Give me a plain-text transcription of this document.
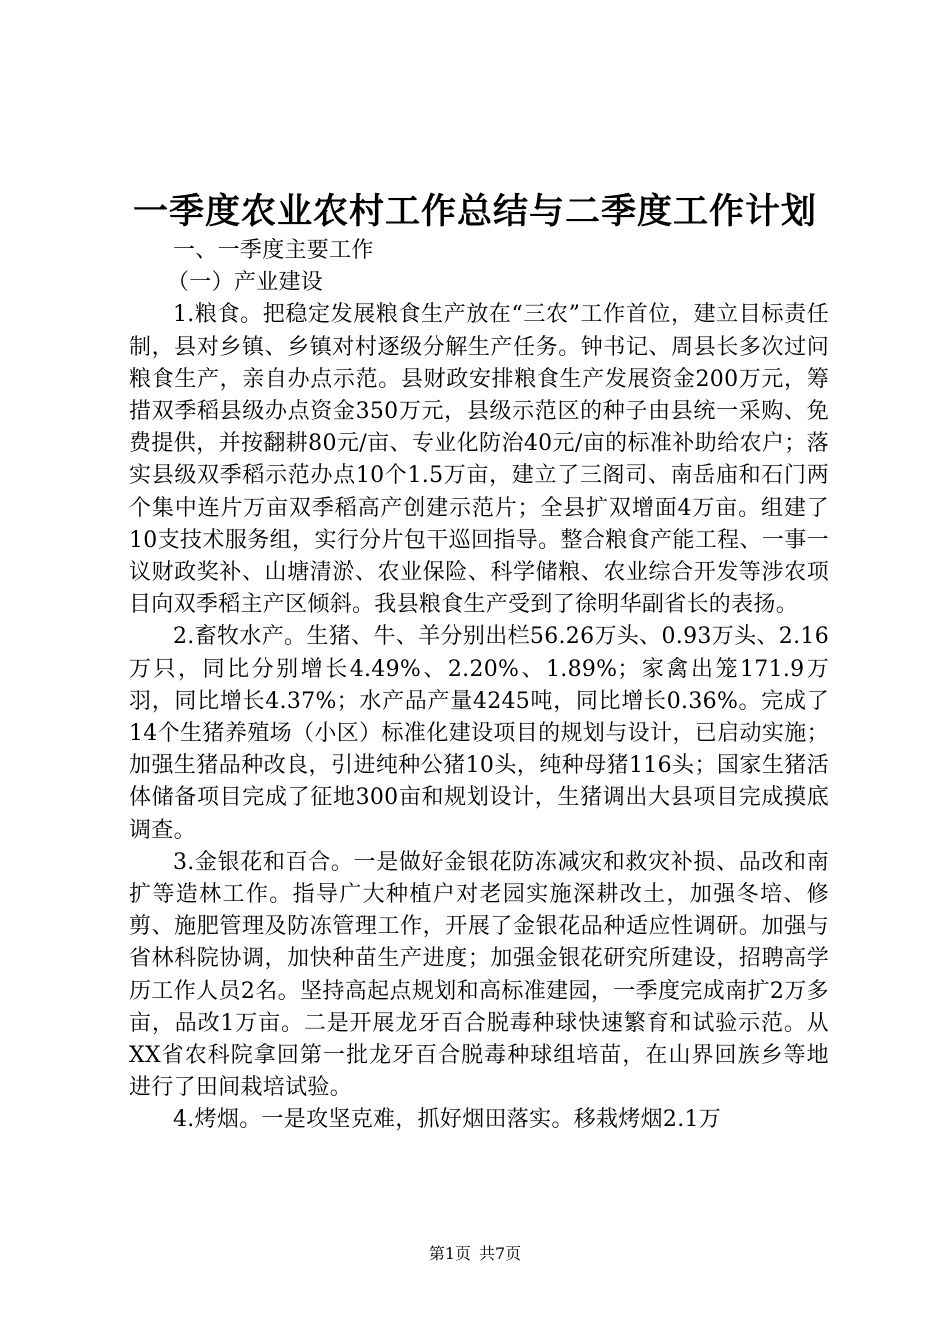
一季度农业农村工作总结与二季度工作计划

一、一季度主要工作

（一）产业建设

1.粮食。把稳定发展粮食生产放在“三农”工作首位，建立目标责任制，县对乡镇、乡镇对村逐级分解生产任务。钟书记、周县长多次过问粮食生产，亲自办点示范。县财政安排粮食生产发展资金200万元，筹措双季稻县级办点资金350万元，县级示范区的种子由县统一采购、免费提供，并按翻耕80元/亩、专业化防治40元/亩的标准补助给农户；落实县级双季稻示范办点10个1.5万亩，建立了三阁司、南岳庙和石门两个集中连片万亩双季稻高产创建示范片；全县扩双增面4万亩。组建了10支技术服务组，实行分片包干巡回指导。整合粮食产能工程、一事一议财政奖补、山塘清淤、农业保险、科学储粮、农业综合开发等涉农项目向双季稻主产区倾斜。我县粮食生产受到了徐明华副省长的表扬。

2.畜牧水产。生猪、牛、羊分别出栏56.26万头、0.93万头、2.16万只，同比分别增长4.49%、2.20%、1.89%；家禽出笼171.9万羽，同比增长4.37%；水产品产量4245吨，同比增长0.36%。完成了14个生猪养殖场（小区）标准化建设项目的规划与设计，已启动实施；加强生猪品种改良，引进纯种公猪10头，纯种母猪116头；国家生猪活体储备项目完成了征地300亩和规划设计，生猪调出大县项目完成摸底调查。

3.金银花和百合。一是做好金银花防冻减灾和救灾补损、品改和南扩等造林工作。指导广大种植户对老园实施深耕改土，加强冬培、修剪、施肥管理及防冻管理工作，开展了金银花品种适应性调研。加强与省林科院协调，加快种苗生产进度；加强金银花研究所建设，招聘高学历工作人员2名。坚持高起点规划和高标准建园，一季度完成南扩2万多亩，品改1万亩。二是开展龙牙百合脱毒种球快速繁育和试验示范。从XX省农科院拿回第一批龙牙百合脱毒种球组培苗，在山界回族乡等地进行了田间栽培试验。

4.烤烟。一是攻坚克难，抓好烟田落实。移栽烤烟2.1万

第1页 共7页
